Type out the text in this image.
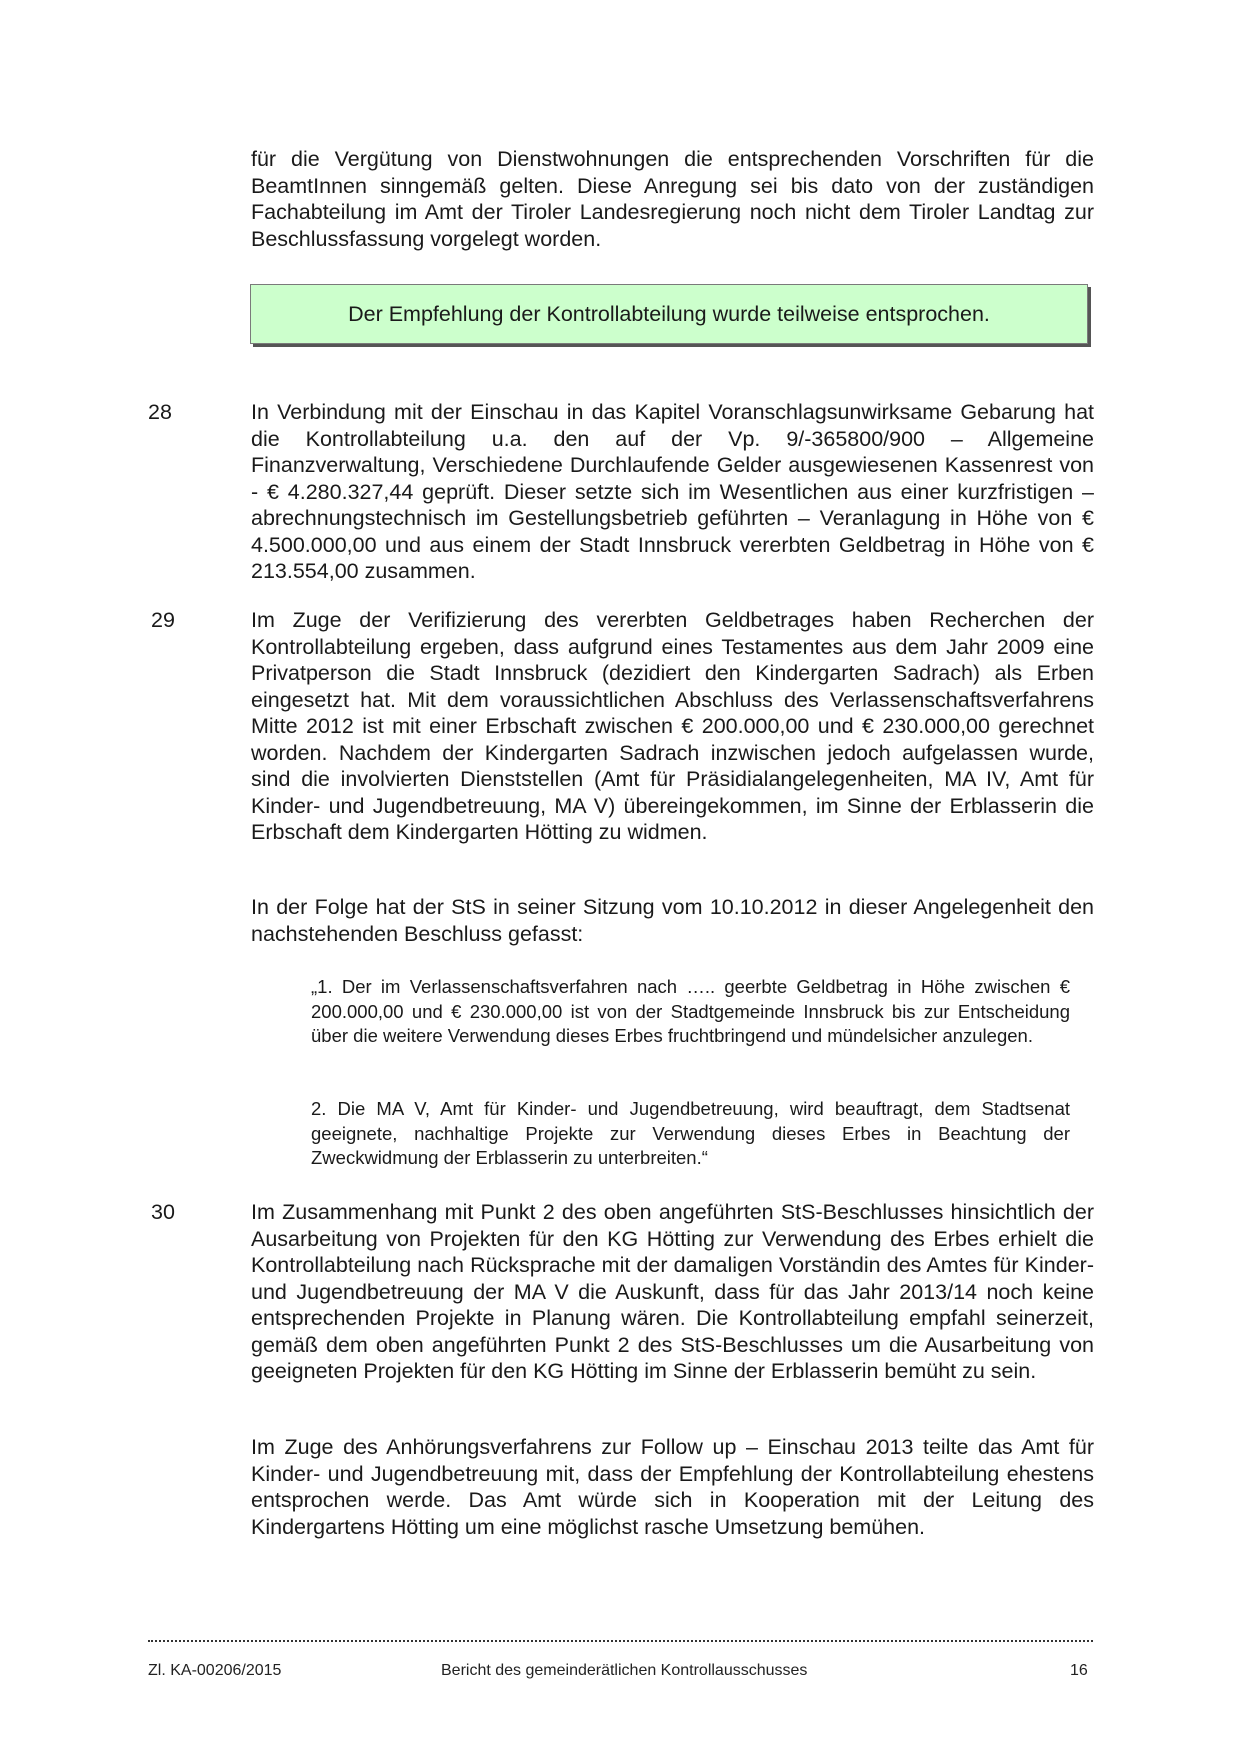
für die Vergütung von Dienstwohnungen die entsprechenden Vorschriften für die BeamtInnen sinngemäß gelten. Diese Anregung sei bis dato von der zuständigen Fachabteilung im Amt der Tiroler Landesregierung noch nicht dem Tiroler Landtag zur Beschlussfassung vorgelegt worden.

Der Empfehlung der Kontrollabteilung wurde teilweise entsprochen.
28	In Verbindung mit der Einschau in das Kapitel Voranschlagsunwirksame Gebarung hat die Kontrollabteilung u.a. den auf der Vp. 9/-365800/900 – Allgemeine Finanzverwaltung, Verschiedene Durchlaufende Gelder ausgewiesenen Kassenrest von - € 4.280.327,44 geprüft. Dieser setzte sich im Wesentlichen aus einer kurzfristigen – abrechnungstechnisch im Gestellungsbetrieb geführten – Veranlagung in Höhe von € 4.500.000,00 und aus einem der Stadt Innsbruck vererbten Geldbetrag in Höhe von € 213.554,00 zusammen.

29	Im Zuge der Verifizierung des vererbten Geldbetrages haben Recherchen der Kontrollabteilung ergeben, dass aufgrund eines Testamentes aus dem Jahr 2009 eine Privatperson die Stadt Innsbruck (dezidiert den Kindergarten Sadrach) als Erben eingesetzt hat. Mit dem voraussichtlichen Abschluss des Verlassenschaftsverfahrens Mitte 2012 ist mit einer Erbschaft zwischen € 200.000,00 und € 230.000,00 gerechnet worden. Nachdem der Kindergarten Sadrach inzwischen jedoch aufgelassen wurde, sind die involvierten Dienststellen (Amt für Präsidialangelegenheiten, MA IV, Amt für Kinder- und Jugendbetreuung, MA V) übereingekommen, im Sinne der Erblasserin die Erbschaft dem Kindergarten Hötting zu widmen.

In der Folge hat der StS in seiner Sitzung vom 10.10.2012 in dieser Angelegenheit den nachstehenden Beschluss gefasst:

„1. Der im Verlassenschaftsverfahren nach ….. geerbte Geldbetrag in Höhe zwischen € 200.000,00 und € 230.000,00 ist von der Stadtgemeinde Innsbruck bis zur Entscheidung über die weitere Verwendung dieses Erbes fruchtbringend und mündelsicher anzulegen.

2. Die MA V, Amt für Kinder- und Jugendbetreuung, wird beauftragt, dem Stadtsenat geeignete, nachhaltige Projekte zur Verwendung dieses Erbes in Beachtung der Zweckwidmung der Erblasserin zu unterbreiten.“

30	Im Zusammenhang mit Punkt 2 des oben angeführten StS-Beschlusses hinsichtlich der Ausarbeitung von Projekten für den KG Hötting zur Verwendung des Erbes erhielt die Kontrollabteilung nach Rücksprache mit der damaligen Vorständin des Amtes für Kinder- und Jugendbetreuung der MA V die Auskunft, dass für das Jahr 2013/14 noch keine entsprechenden Projekte in Planung wären. Die Kontrollabteilung empfahl seinerzeit, gemäß dem oben angeführten Punkt 2 des StS-Beschlusses um die Ausarbeitung von geeigneten Projekten für den KG Hötting im Sinne der Erblasserin bemüht zu sein.

Im Zuge des Anhörungsverfahrens zur Follow up – Einschau 2013 teilte das Amt für Kinder- und Jugendbetreuung mit, dass der Empfehlung der Kontrollabteilung ehestens entsprochen werde. Das Amt würde sich in Kooperation mit der Leitung des Kindergartens Hötting um eine möglichst rasche Umsetzung bemühen.

Zl. KA-00206/2015	Bericht des gemeinderätlichen Kontrollausschusses	16
